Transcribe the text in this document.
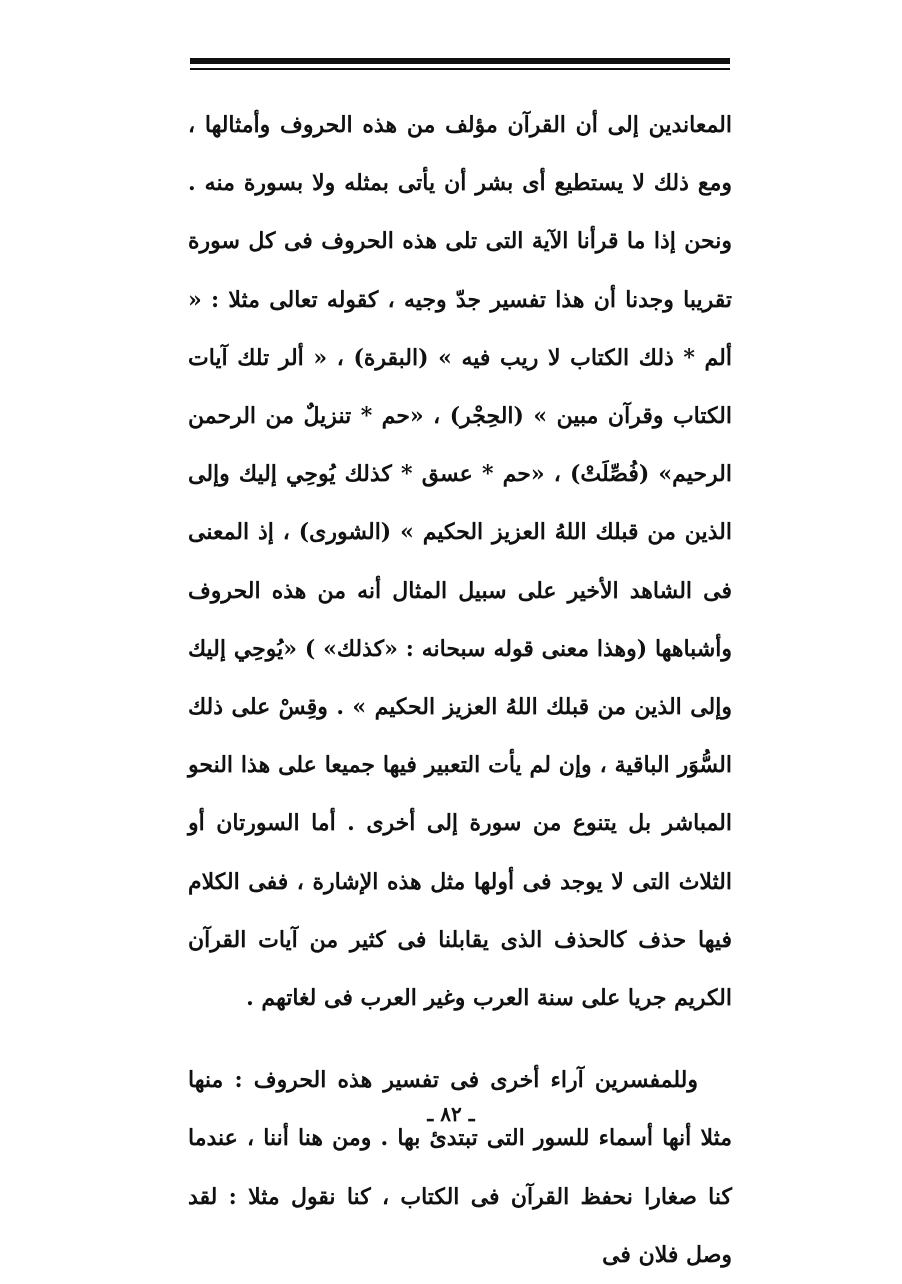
المعاندين إلى أن القرآن مؤلف من هذه الحروف وأمثالها ، ومع ذلك لا يستطيع أى بشر أن يأتى بمثله ولا بسورة منه . ونحن إذا ما قرأنا الآية التى تلى هذه الحروف فى كل سورة تقريبا وجدنا أن هذا تفسير جدّ وجيه ، كقوله تعالى مثلا : « ألم * ذلك الكتاب لا ريب فيه » (البقرة) ، « ألر تلك آيات الكتاب وقرآن مبين » (الحِجْر) ، «حم * تنزيلٌ من الرحمن الرحيم» (فُصِّلَتْ) ، «حم * عسق * كذلك يُوحِي إليك وإلى الذين من قبلك اللهُ العزيز الحكيم » (الشورى) ، إذ المعنى فى الشاهد الأخير على سبيل المثال أنه من هذه الحروف وأشباهها (وهذا معنى قوله سبحانه : «كذلك» ) «يُوحِي إليك وإلى الذين من قبلك اللهُ العزيز الحكيم » . وقِسْ على ذلك السُّوَر الباقية ، وإن لم يأت التعبير فيها جميعا على هذا النحو المباشر بل يتنوع من سورة إلى أخرى . أما السورتان أو الثلاث التى لا يوجد فى أولها مثل هذه الإشارة ، ففى الكلام فيها حذف كالحذف الذى يقابلنا فى كثير من آيات القرآن الكريم جريا على سنة العرب وغير العرب فى لغاتهم .

وللمفسرين آراء أخرى فى تفسير هذه الحروف : منها مثلا أنها أسماء للسور التى تبتدئ بها . ومن هنا أننا ، عندما كنا صغارا نحفظ القرآن فى الكتاب ، كنا نقول مثلا : لقد وصل فلان فى

ـ ٨٢ ـ
